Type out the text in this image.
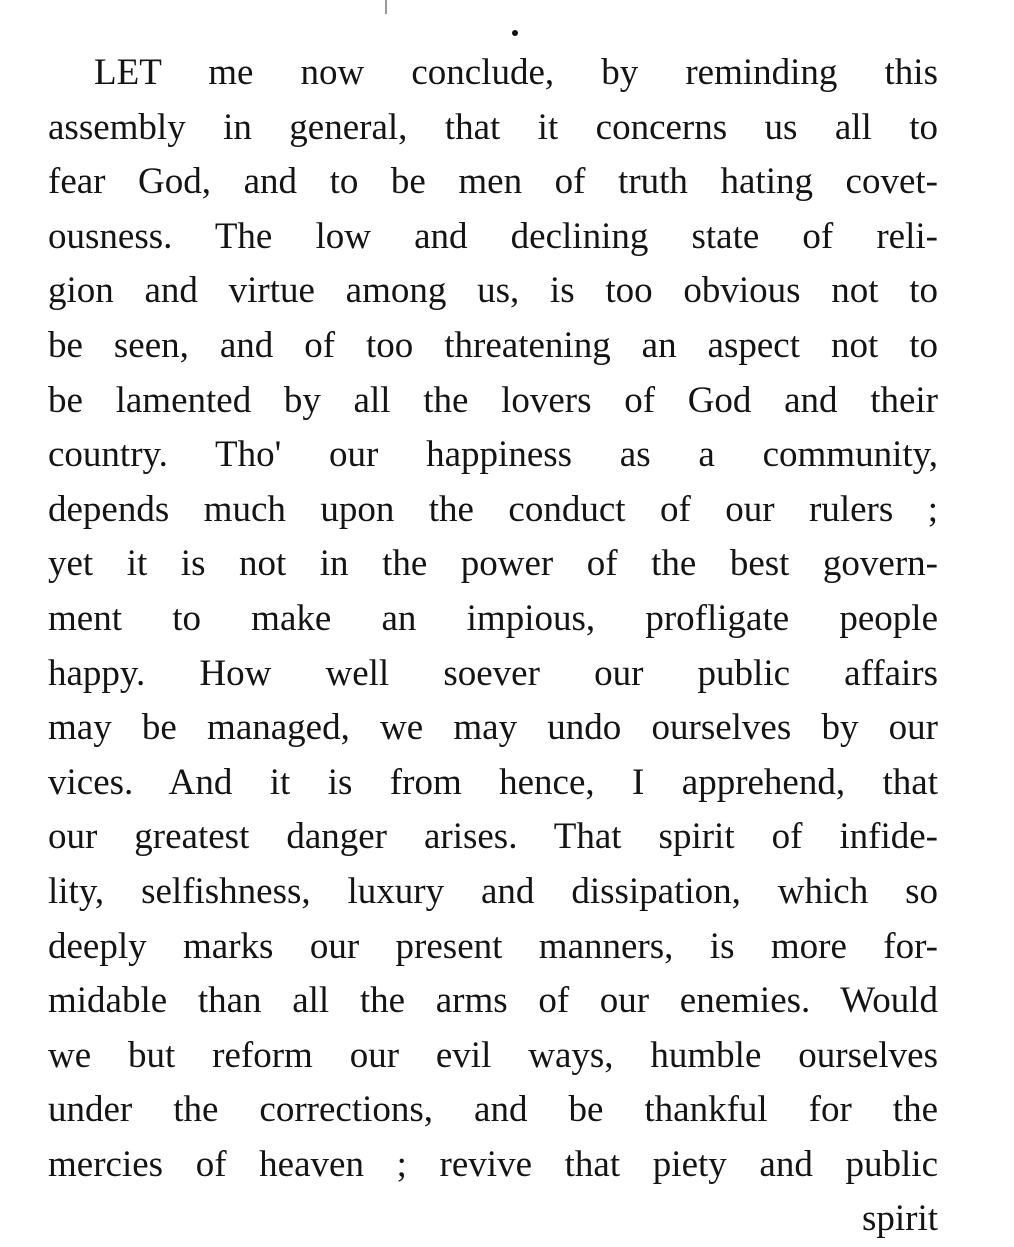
LET me now conclude, by reminding this
assembly in general, that it concerns us all to
fear God, and to be men of truth hating covet-
ousness. The low and declining state of reli-
gion and virtue among us, is too obvious not to
be seen, and of too threatening an aspect not to
be lamented by all the lovers of God and their
country. Tho' our happiness as a community,
depends much upon the conduct of our rulers ;
yet it is not in the power of the best govern-
ment to make an impious, profligate people
happy. How well soever our public affairs
may be managed, we may undo ourselves by our
vices. And it is from hence, I apprehend, that
our greatest danger arises. That spirit of infide-
lity, selfishness, luxury and dissipation, which so
deeply marks our present manners, is more for-
midable than all the arms of our enemies. Would
we but reform our evil ways, humble ourselves
under the corrections, and be thankful for the
mercies of heaven ; revive that piety and public
spirit
